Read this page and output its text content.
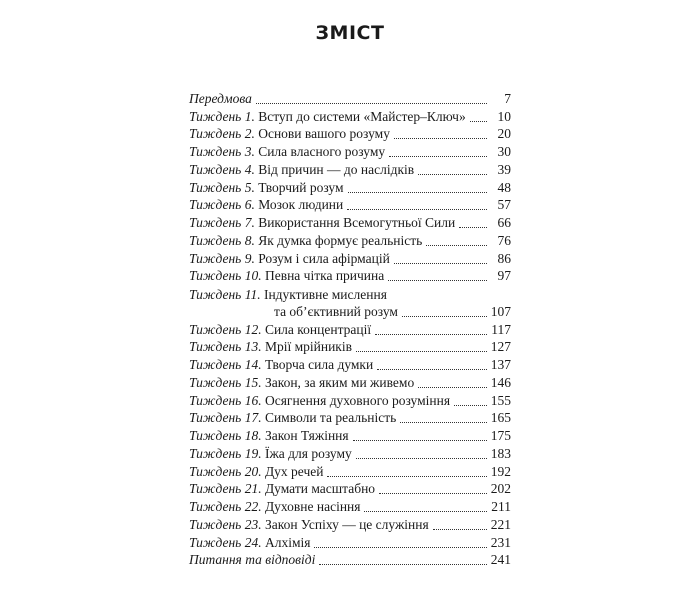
ЗМІСТ
Передмова	7
Тиждень 1. Вступ до системи «Майстер–Ключ»	10
Тиждень 2. Основи вашого розуму	20
Тиждень 3. Сила власного розуму	30
Тиждень 4. Від причин — до наслідків	39
Тиждень 5. Творчий розум	48
Тиждень 6. Мозок людини	57
Тиждень 7. Використання Всемогутньої Сили	66
Тиждень 8. Як думка формує реальність	76
Тиждень 9. Розум і сила афірмацій	86
Тиждень 10. Певна чітка причина	97
Тиждень 11. Індуктивне мислення
та об’єктивний розум	107
Тиждень 12. Сила концентрації	117
Тиждень 13. Мрії мрійників	127
Тиждень 14. Творча сила думки	137
Тиждень 15. Закон, за яким ми живемо	146
Тиждень 16. Осягнення духовного розуміння	155
Тиждень 17. Символи та реальність	165
Тиждень 18. Закон Тяжіння	175
Тиждень 19. Їжа для розуму	183
Тиждень 20. Дух речей	192
Тиждень 21. Думати масштабно	202
Тиждень 22. Духовне насіння	211
Тиждень 23. Закон Успіху — це служіння	221
Тиждень 24. Алхімія	231
Питання та відповіді	241
